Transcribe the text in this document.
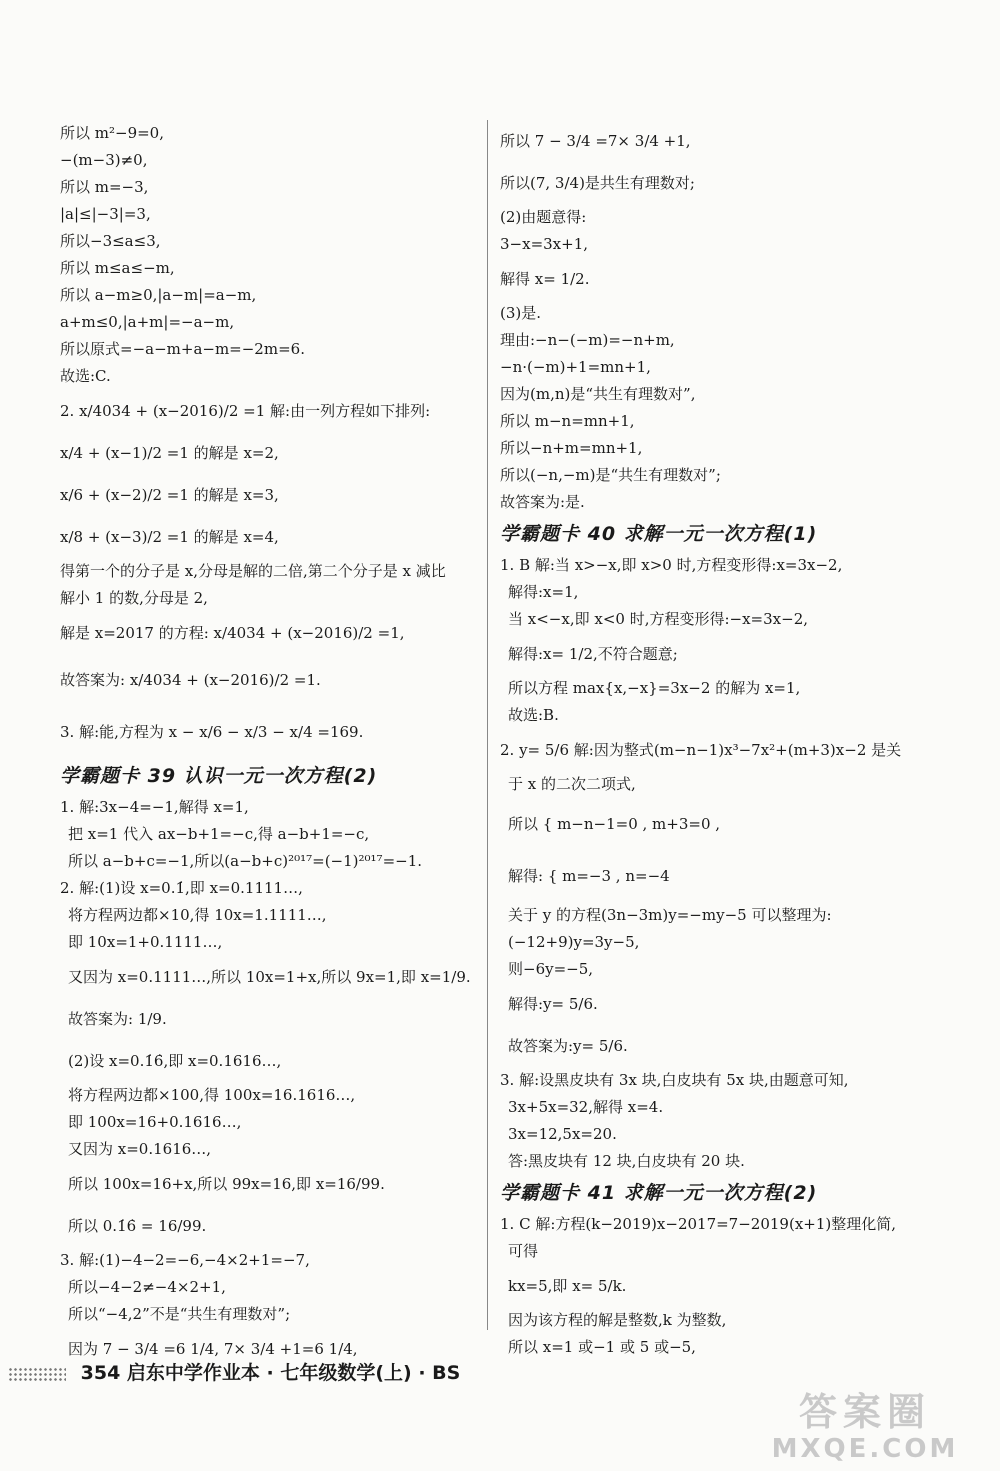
所以 m²−9=0,
−(m−3)≠0,
所以 m=−3,
|a|≤|−3|=3,
所以−3≤a≤3,
所以 m≤a≤−m,
所以 a−m≥0,|a−m|=a−m,
a+m≤0,|a+m|=−a−m,
所以原式=−a−m+a−m=−2m=6.
故选:C.
2. x/4034 + (x−2016)/2 =1 解:由一列方程如下排列:
x/4 + (x−1)/2 =1 的解是 x=2,
x/6 + (x−2)/2 =1 的解是 x=3,
x/8 + (x−3)/2 =1 的解是 x=4,
得第一个的分子是 x,分母是解的二倍,第二个分子是 x 减比
解小 1 的数,分母是 2,
解是 x=2017 的方程: x/4034 + (x−2016)/2 =1,
故答案为: x/4034 + (x−2016)/2 =1.
3. 解:能,方程为 x − x/6 − x/3 − x/4 =169.
学霸题卡 39 认识一元一次方程(2)
1. 解:3x−4=−1,解得 x=1,
把 x=1 代入 ax−b+1=−c,得 a−b+1=−c,
所以 a−b+c=−1,所以(a−b+c)²⁰¹⁷=(−1)²⁰¹⁷=−1.
2. 解:(1)设 x=0.1̇,即 x=0.1111…,
将方程两边都×10,得 10x=1.1111…,
即 10x=1+0.1111…,
又因为 x=0.1111…,所以 10x=1+x,所以 9x=1,即 x=1/9.
故答案为: 1/9.
(2)设 x=0.1̇6̇,即 x=0.1616…,
将方程两边都×100,得 100x=16.1616…,
即 100x=16+0.1616…,
又因为 x=0.1616…,
所以 100x=16+x,所以 99x=16,即 x=16/99.
所以 0.1̇6̇ = 16/99.
3. 解:(1)−4−2=−6,−4×2+1=−7,
所以−4−2≠−4×2+1,
所以“−4,2”不是“共生有理数对”;
因为 7 − 3/4 =6 1/4, 7× 3/4 +1=6 1/4,
所以 7 − 3/4 =7× 3/4 +1,
所以(7, 3/4)是共生有理数对;
(2)由题意得:
3−x=3x+1,
解得 x= 1/2.
(3)是.
理由:−n−(−m)=−n+m,
−n·(−m)+1=mn+1,
因为(m,n)是“共生有理数对”,
所以 m−n=mn+1,
所以−n+m=mn+1,
所以(−n,−m)是“共生有理数对”;
故答案为:是.
学霸题卡 40 求解一元一次方程(1)
1. B 解:当 x>−x,即 x>0 时,方程变形得:x=3x−2,
解得:x=1,
当 x<−x,即 x<0 时,方程变形得:−x=3x−2,
解得:x= 1/2,不符合题意;
所以方程 max{x,−x}=3x−2 的解为 x=1,
故选:B.
2. y= 5/6 解:因为整式(m−n−1)x³−7x²+(m+3)x−2 是关
于 x 的二次二项式,
所以 { m−n−1=0 , m+3=0 ,
解得: { m=−3 , n=−4
关于 y 的方程(3n−3m)y=−my−5 可以整理为:
(−12+9)y=3y−5,
则−6y=−5,
解得:y= 5/6.
故答案为:y= 5/6.
3. 解:设黑皮块有 3x 块,白皮块有 5x 块,由题意可知,
3x+5x=32,解得 x=4.
3x=12,5x=20.
答:黑皮块有 12 块,白皮块有 20 块.
学霸题卡 41 求解一元一次方程(2)
1. C 解:方程(k−2019)x−2017=7−2019(x+1)整理化简,
可得
kx=5,即 x= 5/k.
因为该方程的解是整数,k 为整数,
所以 x=1 或−1 或 5 或−5,
354 启东中学作业本 · 七年级数学(上) · BS
答案圈
MXQE.COM
